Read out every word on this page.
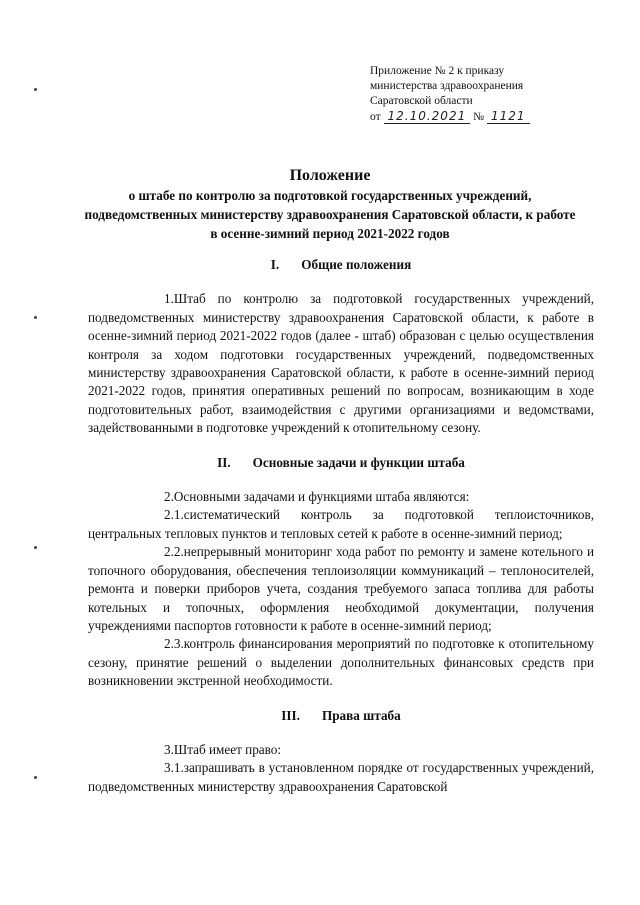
Приложение № 2 к приказу
министерства здравоохранения
Саратовской области
от 12.10.2021 № 1121
Положение
о штабе по контролю за подготовкой государственных учреждений, подведомственных министерству здравоохранения Саратовской области, к работе в осенне-зимний период 2021-2022 годов
I. Общие положения

1.Штаб по контролю за подготовкой государственных учреждений, подведомственных министерству здравоохранения Саратовской области, к работе в осенне-зимний период 2021-2022 годов (далее - штаб) образован с целью осуществления контроля за ходом подготовки государственных учреждений, подведомственных министерству здравоохранения Саратовской области, к работе в осенне-зимний период 2021-2022 годов, принятия оперативных решений по вопросам, возникающим в ходе подготовительных работ, взаимодействия с другими организациями и ведомствами, задействованными в подготовке учреждений к отопительному сезону.

II. Основные задачи и функции штаба

2.Основными задачами и функциями штаба являются:

2.1.систематический контроль за подготовкой теплоисточников, центральных тепловых пунктов и тепловых сетей к работе в осенне-зимний период;

2.2.непрерывный мониторинг хода работ по ремонту и замене котельного и топочного оборудования, обеспечения теплоизоляции коммуникаций – теплоносителей, ремонта и поверки приборов учета, создания требуемого запаса топлива для работы котельных и топочных, оформления необходимой документации, получения учреждениями паспортов готовности к работе в осенне-зимний период;

2.3.контроль финансирования мероприятий по подготовке к отопительному сезону, принятие решений о выделении дополнительных финансовых средств при возникновении экстренной необходимости.

III. Права штаба

3.Штаб имеет право:

3.1.запрашивать в установленном порядке от государственных учреждений, подведомственных министерству здравоохранения Саратовской
